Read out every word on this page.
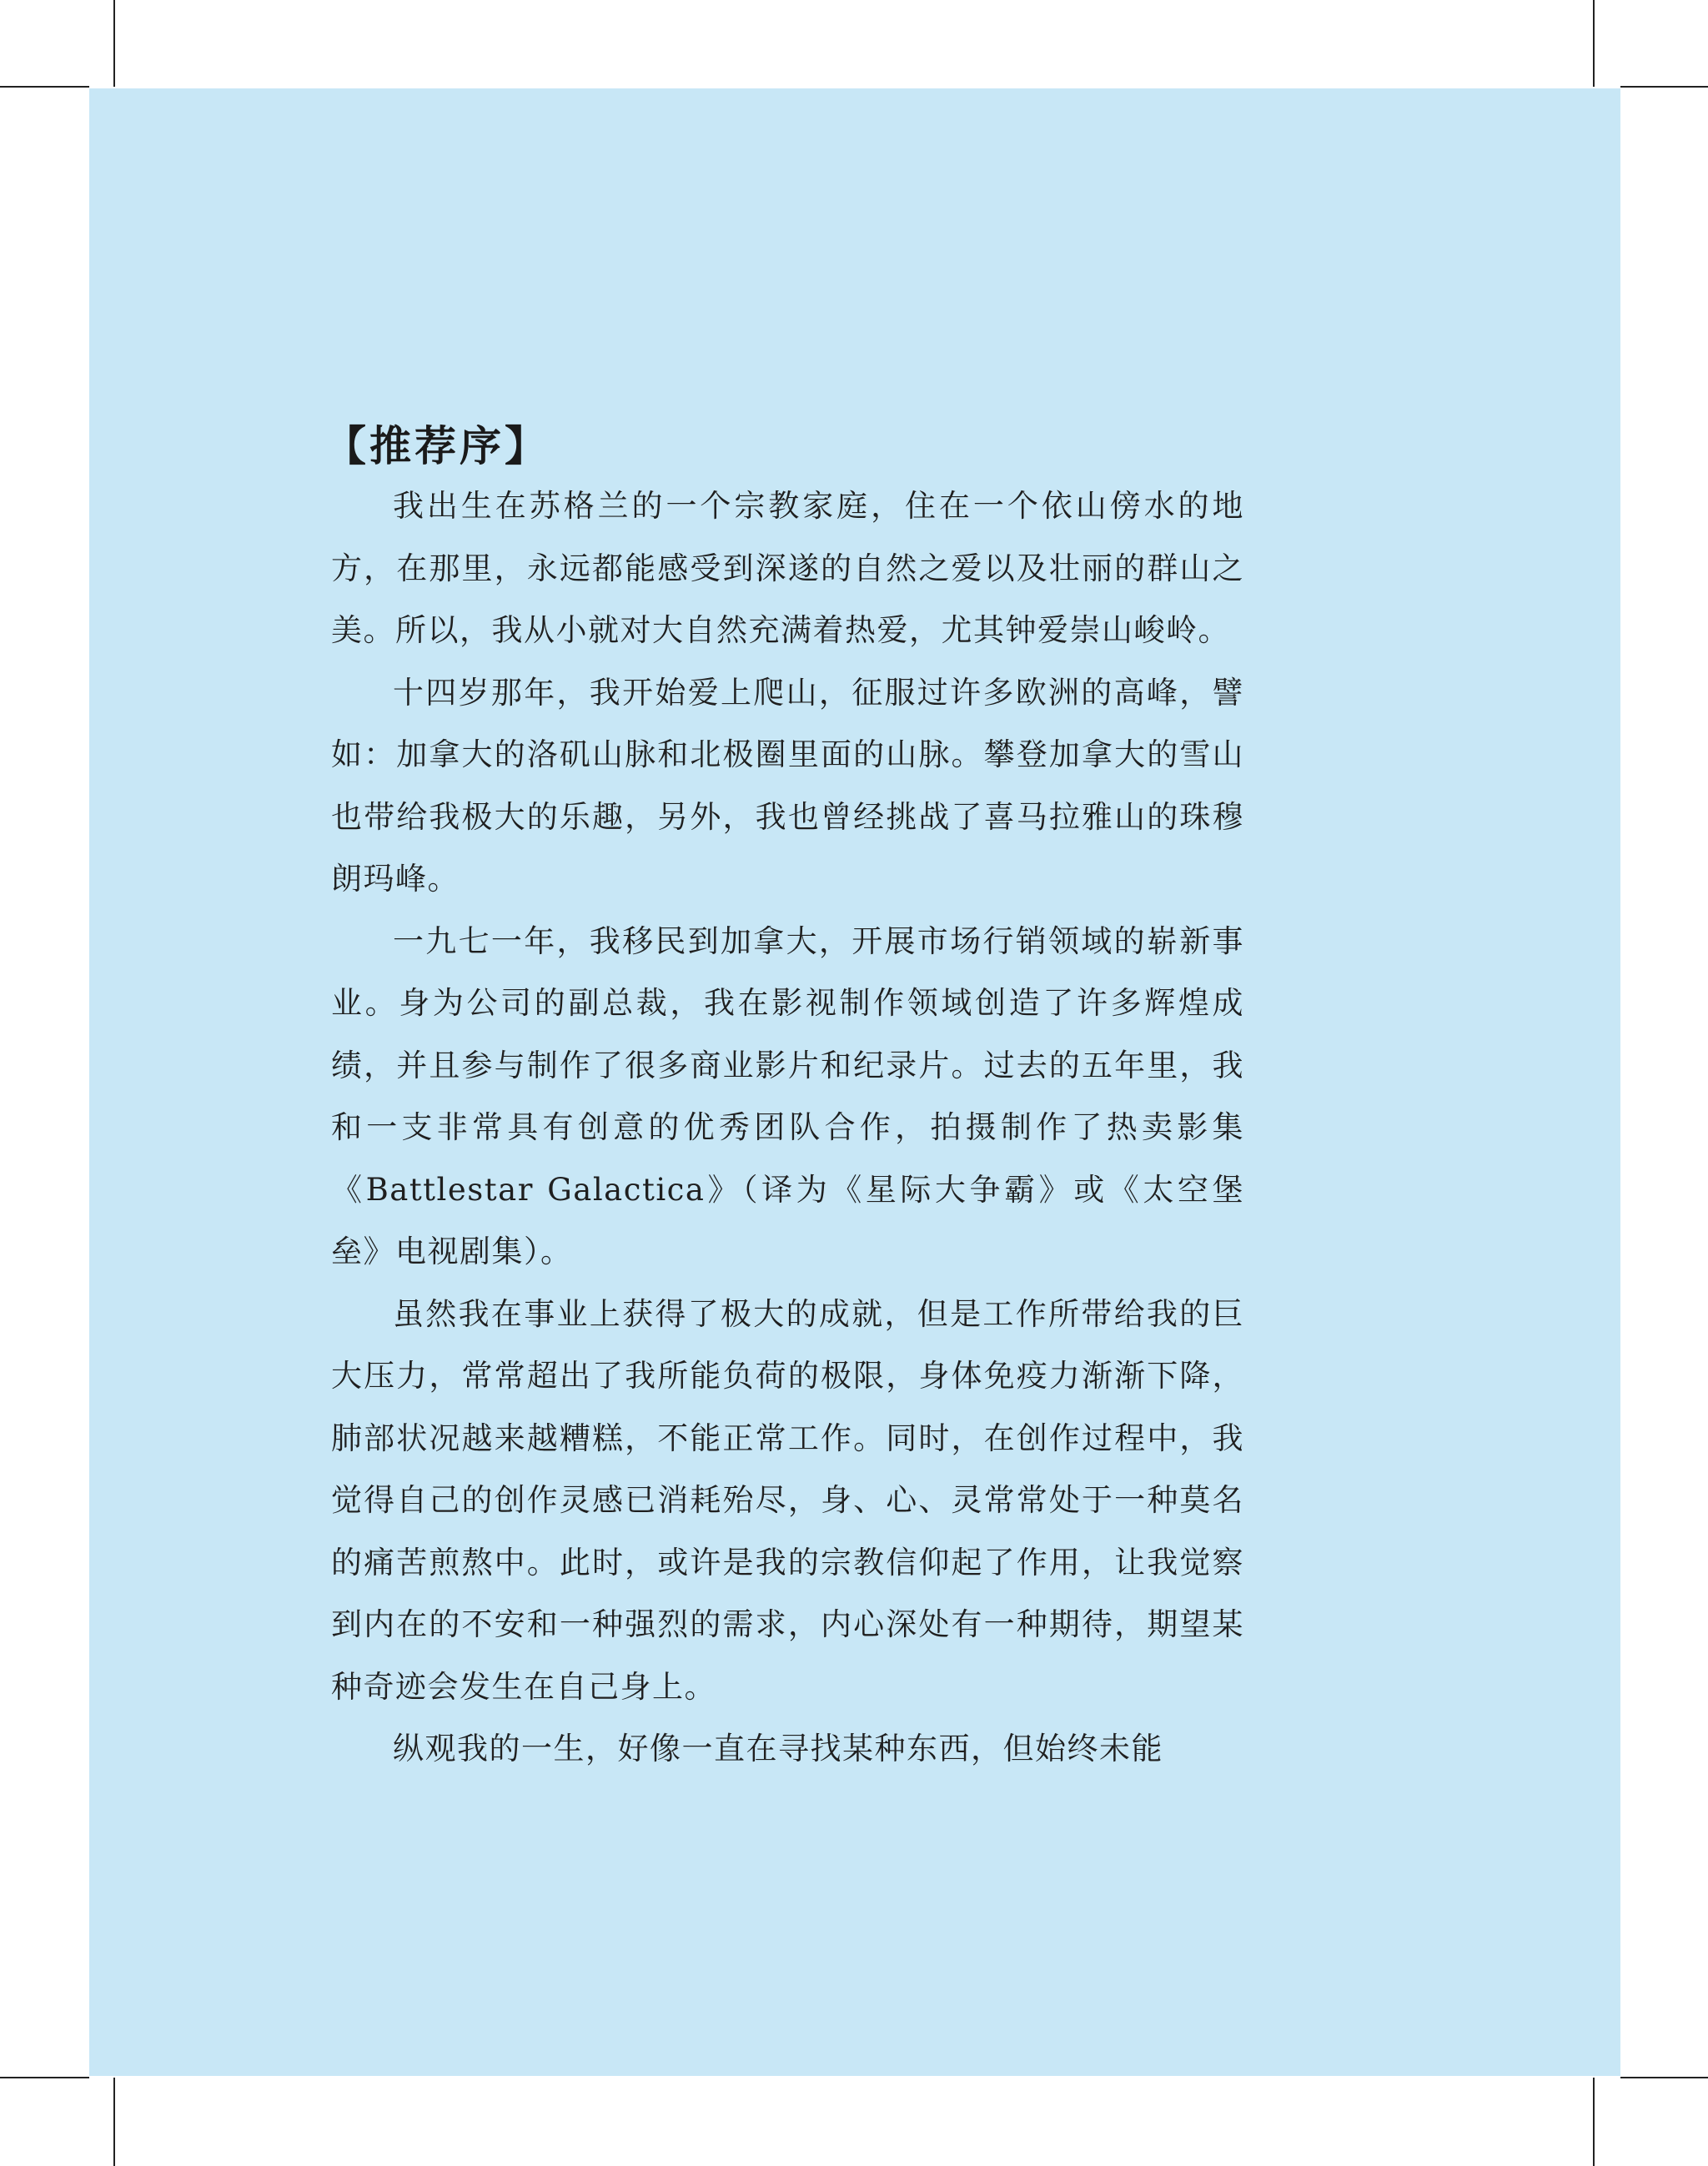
【推荐序】

我出生在苏格兰的一个宗教家庭，住在一个依山傍水的地方，在那里，永远都能感受到深遂的自然之爱以及壮丽的群山之美。所以，我从小就对大自然充满着热爱，尤其钟爱崇山峻岭。

十四岁那年，我开始爱上爬山，征服过许多欧洲的高峰，譬如：加拿大的洛矶山脉和北极圈里面的山脉。攀登加拿大的雪山也带给我极大的乐趣，另外，我也曾经挑战了喜马拉雅山的珠穆朗玛峰。

一九七一年，我移民到加拿大，开展市场行销领域的崭新事业。身为公司的副总裁，我在影视制作领域创造了许多辉煌成绩，并且参与制作了很多商业影片和纪录片。过去的五年里，我和一支非常具有创意的优秀团队合作，拍摄制作了热卖影集《Battlestar Galactica》（译为《星际大争霸》或《太空堡垒》电视剧集）。

虽然我在事业上获得了极大的成就，但是工作所带给我的巨大压力，常常超出了我所能负荷的极限，身体免疫力渐渐下降，肺部状况越来越糟糕，不能正常工作。同时，在创作过程中，我觉得自己的创作灵感已消耗殆尽，身、心、灵常常处于一种莫名的痛苦煎熬中。此时，或许是我的宗教信仰起了作用，让我觉察到内在的不安和一种强烈的需求，内心深处有一种期待，期望某种奇迹会发生在自己身上。

纵观我的一生，好像一直在寻找某种东西，但始终未能
